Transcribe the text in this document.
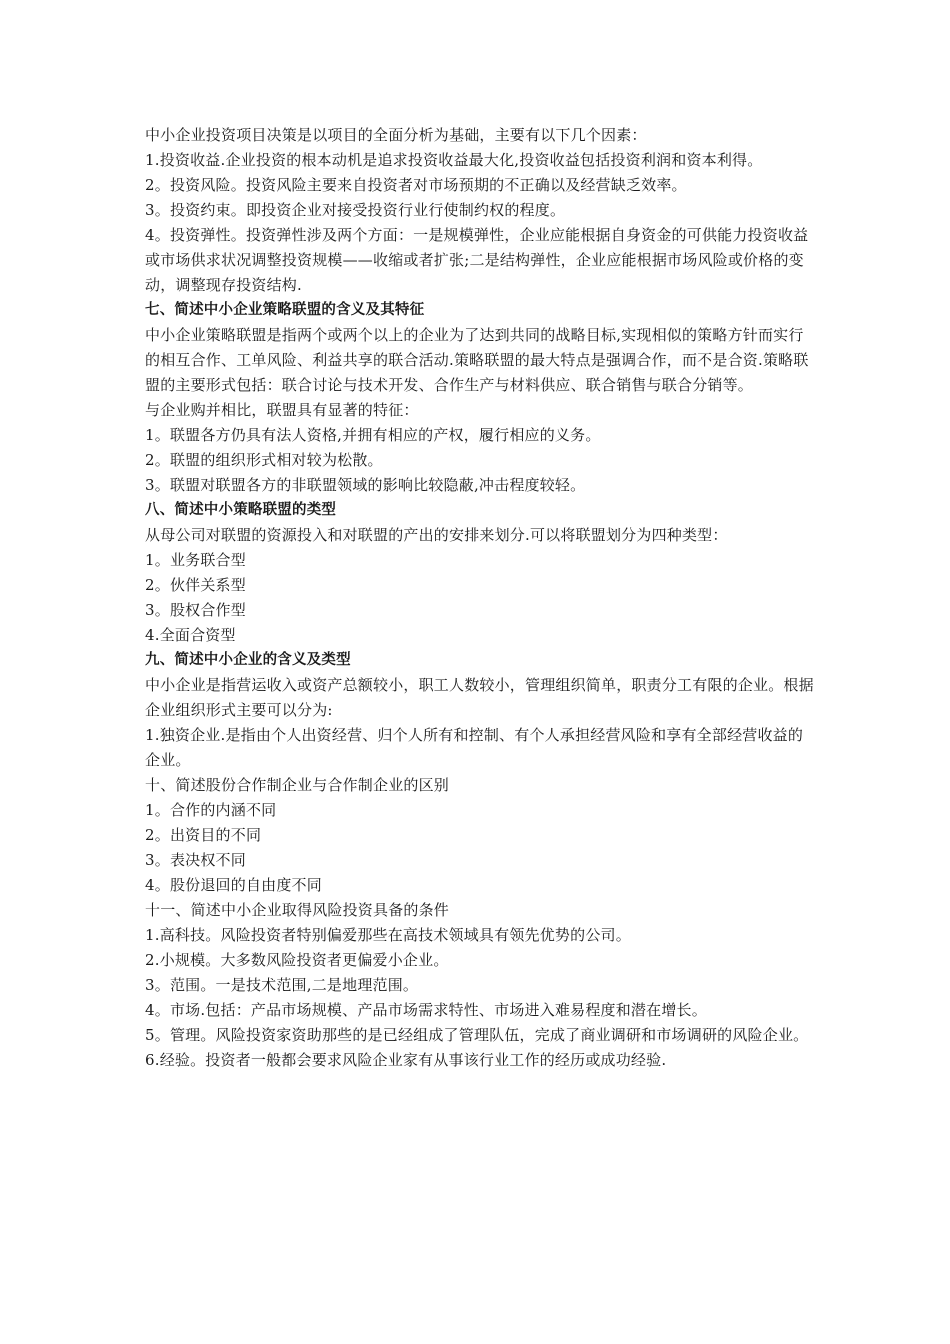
中小企业投资项目决策是以项目的全面分析为基础，主要有以下几个因素：

1.投资收益.企业投资的根本动机是追求投资收益最大化,投资收益包括投资利润和资本利得。

2。投资风险。投资风险主要来自投资者对市场预期的不正确以及经营缺乏效率。

3。投资约束。即投资企业对接受投资行业行使制约权的程度。

4。投资弹性。投资弹性涉及两个方面：一是规模弹性，企业应能根据自身资金的可供能力投资收益或市场供求状况调整投资规模——收缩或者扩张;二是结构弹性，企业应能根据市场风险或价格的变动，调整现存投资结构.

七、简述中小企业策略联盟的含义及其特征

中小企业策略联盟是指两个或两个以上的企业为了达到共同的战略目标,实现相似的策略方针而实行的相互合作、工单风险、利益共享的联合活动.策略联盟的最大特点是强调合作，而不是合资.策略联盟的主要形式包括：联合讨论与技术开发、合作生产与材料供应、联合销售与联合分销等。

与企业购并相比，联盟具有显著的特征：

1。联盟各方仍具有法人资格,并拥有相应的产权，履行相应的义务。

2。联盟的组织形式相对较为松散。

3。联盟对联盟各方的非联盟领域的影响比较隐蔽,冲击程度较轻。

八、简述中小策略联盟的类型

从母公司对联盟的资源投入和对联盟的产出的安排来划分.可以将联盟划分为四种类型：

1。业务联合型

2。伙伴关系型

3。股权合作型

4.全面合资型

九、简述中小企业的含义及类型

中小企业是指营运收入或资产总额较小，职工人数较小，管理组织简单，职责分工有限的企业。根据企业组织形式主要可以分为:

1.独资企业.是指由个人出资经营、归个人所有和控制、有个人承担经营风险和享有全部经营收益的企业。

十、简述股份合作制企业与合作制企业的区别

1。合作的内涵不同

2。出资目的不同

3。表决权不同

4。股份退回的自由度不同

十一、简述中小企业取得风险投资具备的条件

1.高科技。风险投资者特别偏爱那些在高技术领域具有领先优势的公司。

2.小规模。大多数风险投资者更偏爱小企业。

3。范围。一是技术范围,二是地理范围。

4。市场.包括：产品市场规模、产品市场需求特性、市场进入难易程度和潜在增长。

5。管理。风险投资家资助那些的是已经组成了管理队伍，完成了商业调研和市场调研的风险企业。

6.经验。投资者一般都会要求风险企业家有从事该行业工作的经历或成功经验.
